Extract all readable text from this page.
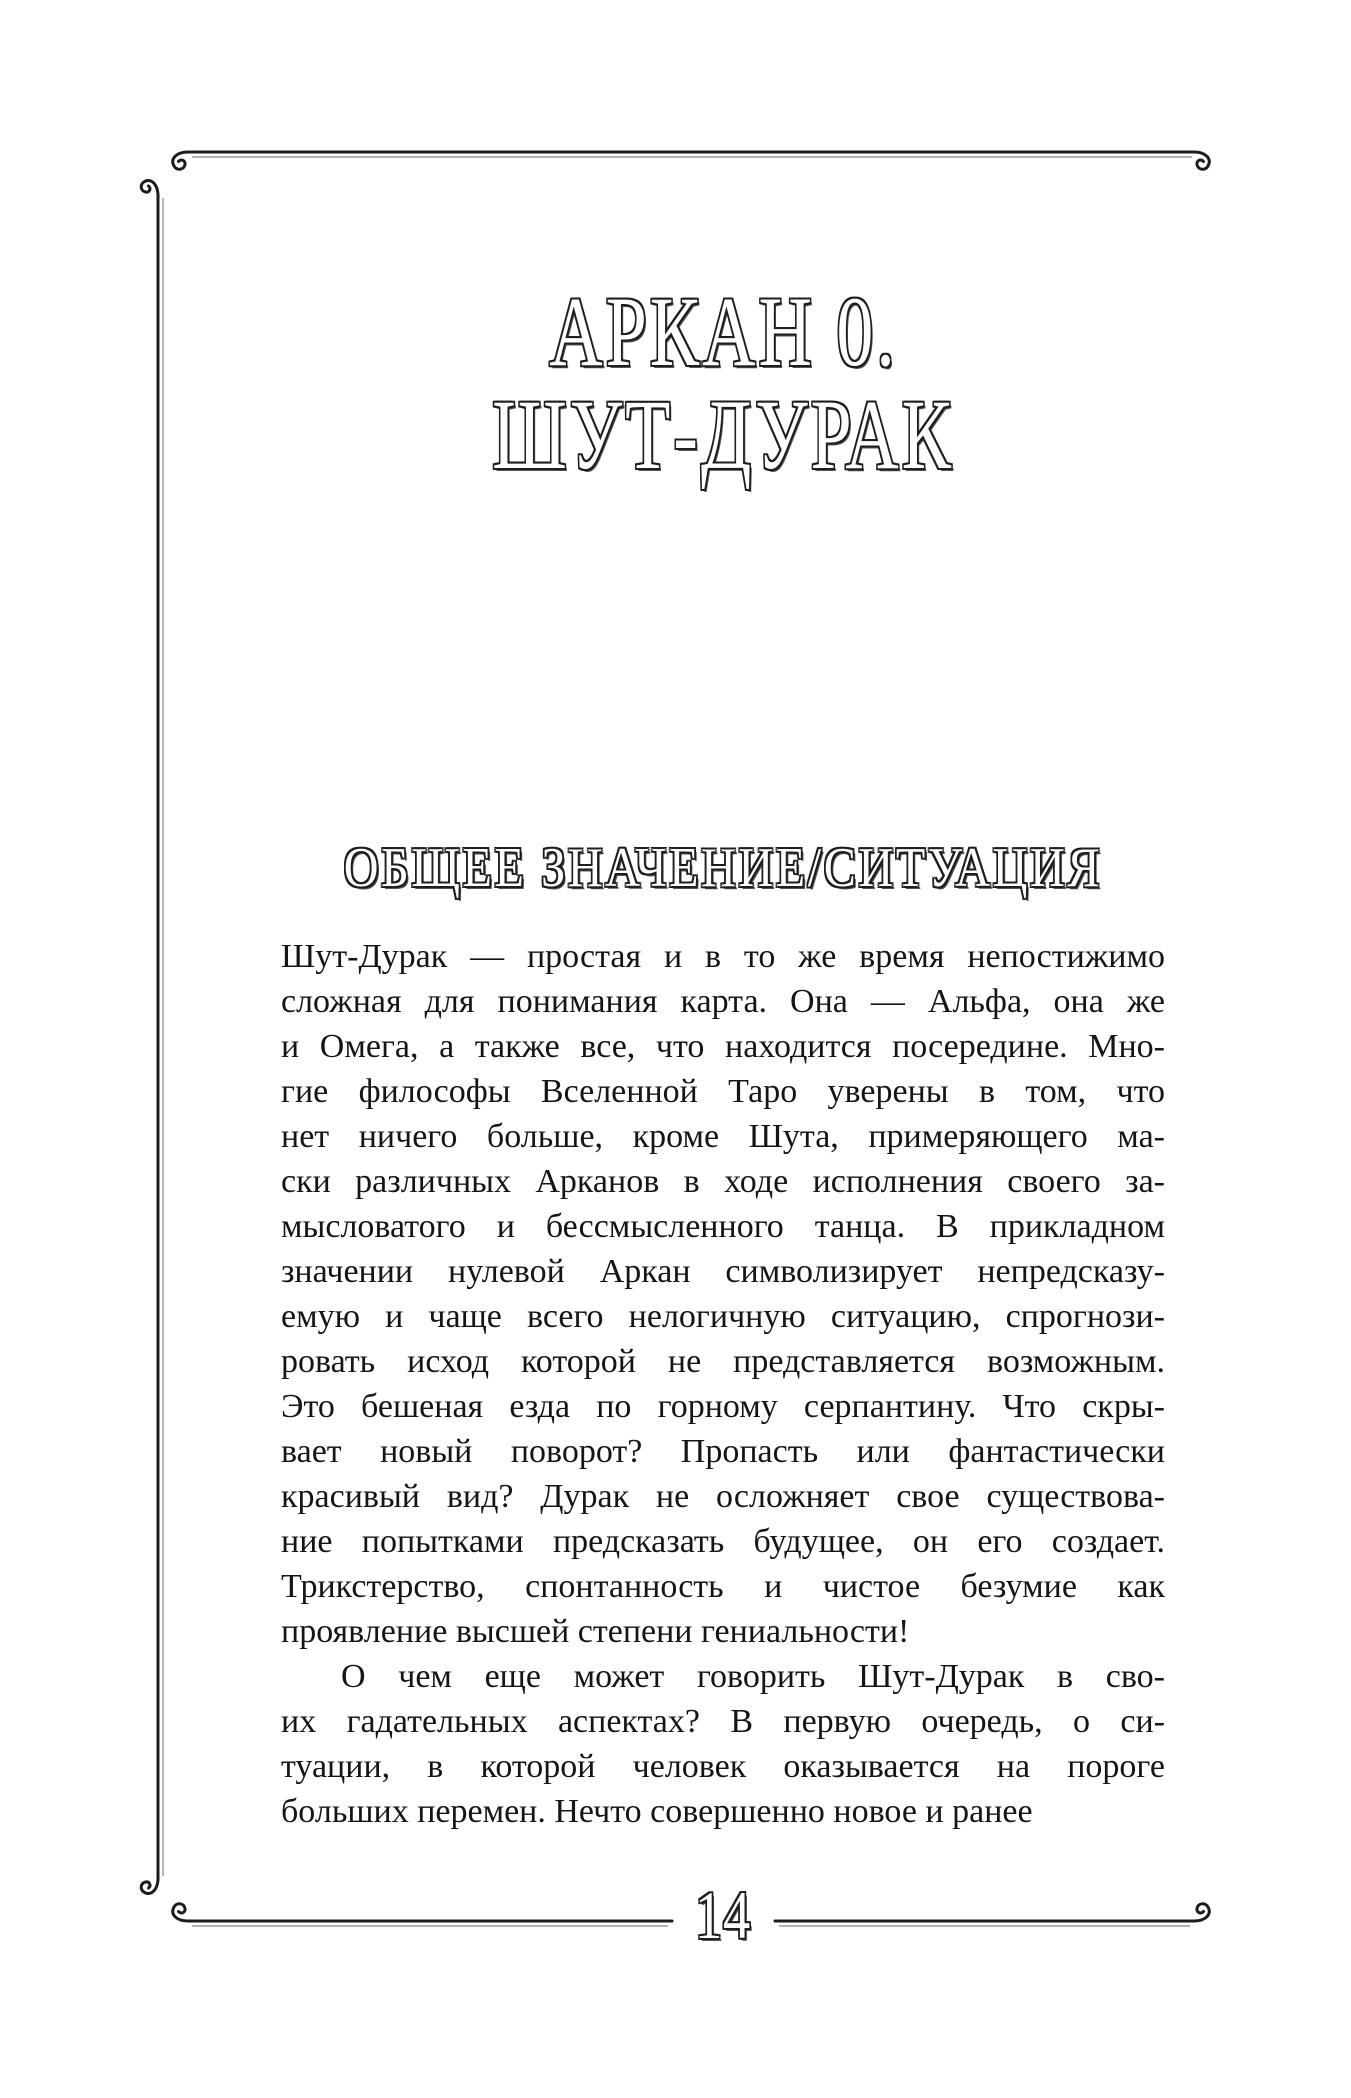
АРКАН 0.
ШУТ-ДУРАК
ОБЩЕЕ ЗНАЧЕНИЕ/СИТУАЦИЯ
Шут-Дурак — простая и в то же время непостижимо
сложная для понимания карта. Она — Альфа, она же
и Омега, а также все, что находится посередине. Мно-
гие философы Вселенной Таро уверены в том, что
нет ничего больше, кроме Шута, примеряющего ма-
ски различных Арканов в ходе исполнения своего за-
мысловатого и бессмысленного танца. В прикладном
значении нулевой Аркан символизирует непредсказу-
емую и чаще всего нелогичную ситуацию, спрогнози-
ровать исход которой не представляется возможным.
Это бешеная езда по горному серпантину. Что скры-
вает новый поворот? Пропасть или фантастически
красивый вид? Дурак не осложняет свое существова-
ние попытками предсказать будущее, он его создает.
Трикстерство, спонтанность и чистое безумие как
проявление высшей степени гениальности!
О чем еще может говорить Шут-Дурак в сво-
их гадательных аспектах? В первую очередь, о си-
туации, в которой человек оказывается на пороге
больших перемен. Нечто совершенно новое и ранее
14
